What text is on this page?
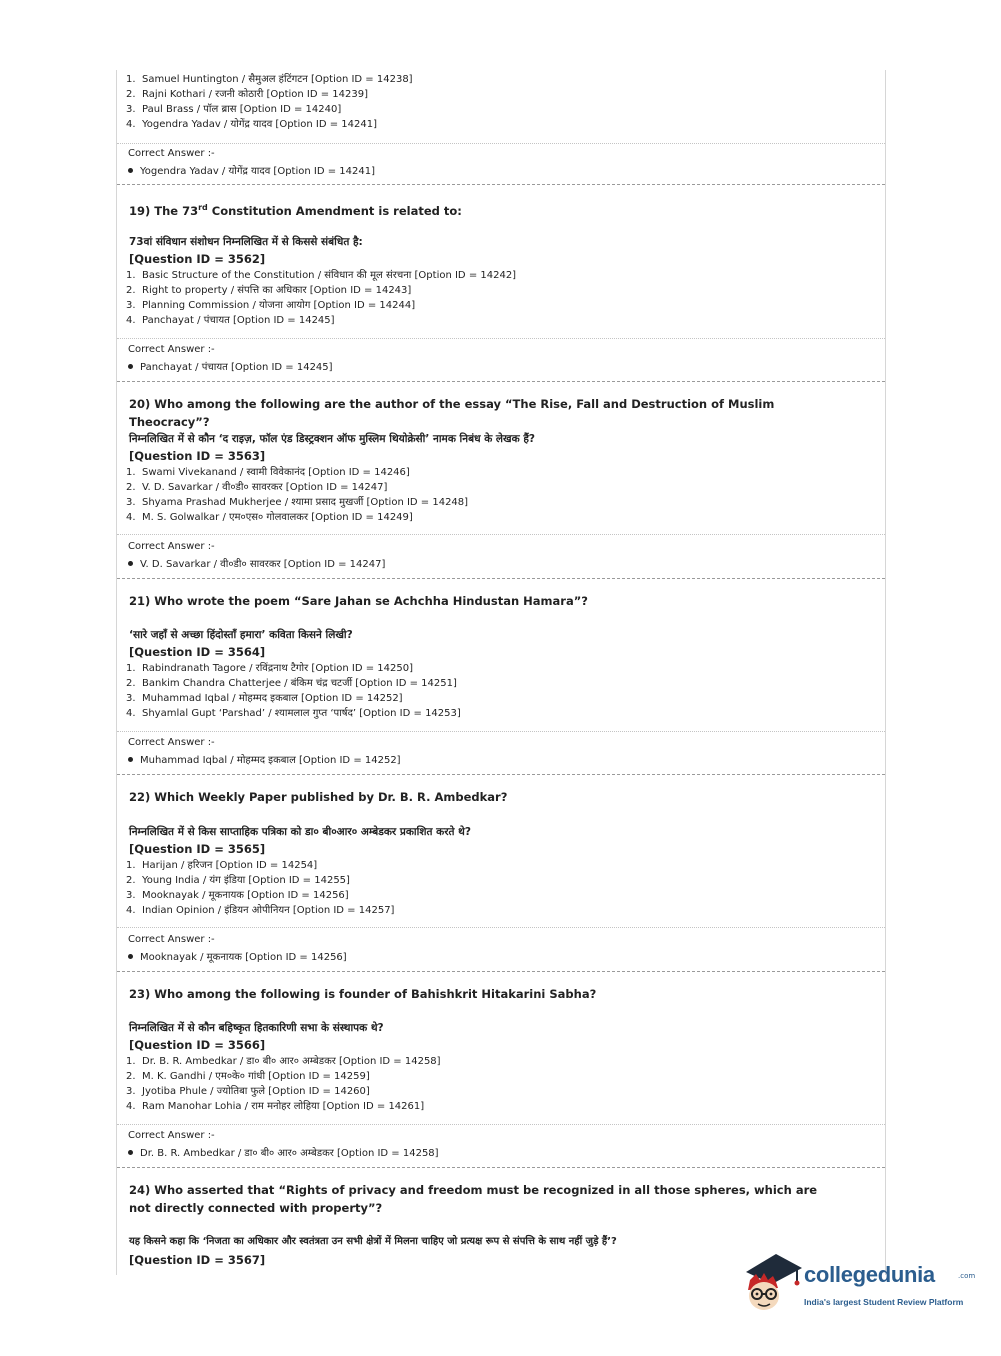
1. Samuel Huntington / सैमुअल हंटिंगटन [Option ID = 14238]
2. Rajni Kothari / रजनी कोठारी [Option ID = 14239]
3. Paul Brass / पॉल ब्रास [Option ID = 14240]
4. Yogendra Yadav / योगेंद्र यादव [Option ID = 14241]
Correct Answer :-
Yogendra Yadav / योगेंद्र यादव [Option ID = 14241]
19) The 73rd Constitution Amendment is related to:
73वां संविधान संशोधन निम्नलिखित में से किससे संबंधित है:
[Question ID = 3562]
1. Basic Structure of the Constitution / संविधान की मूल संरचना [Option ID = 14242]
2. Right to property / संपत्ति का अधिकार [Option ID = 14243]
3. Planning Commission / योजना आयोग [Option ID = 14244]
4. Panchayat / पंचायत [Option ID = 14245]
Correct Answer :-
Panchayat / पंचायत [Option ID = 14245]
20) Who among the following are the author of the essay “The Rise, Fall and Destruction of Muslim Theocracy”?
निम्नलिखित में से कौन ‘द राइज़, फॉल एंड डिस्ट्रक्शन ऑफ मुस्लिम थियोक्रेसी’ नामक निबंध के लेखक हैं?
[Question ID = 3563]
1. Swami Vivekanand / स्वामी विवेकानंद [Option ID = 14246]
2. V. D. Savarkar / वी०डी० सावरकर [Option ID = 14247]
3. Shyama Prashad Mukherjee / श्यामा प्रसाद मुखर्जी [Option ID = 14248]
4. M. S. Golwalkar / एम०एस० गोलवालकर [Option ID = 14249]
Correct Answer :-
V. D. Savarkar / वी०डी० सावरकर [Option ID = 14247]
21) Who wrote the poem “Sare Jahan se Achchha Hindustan Hamara”?
‘सारे जहाँ से अच्छा हिंदोस्ताँ हमारा’ कविता किसने लिखी?
[Question ID = 3564]
1. Rabindranath Tagore / रविंद्रनाथ टैगोर [Option ID = 14250]
2. Bankim Chandra Chatterjee / बंकिम चंद्र चटर्जी [Option ID = 14251]
3. Muhammad Iqbal / मोहम्मद इकबाल [Option ID = 14252]
4. Shyamlal Gupt ‘Parshad’ / श्यामलाल गुप्त ‘पार्षद’ [Option ID = 14253]
Correct Answer :-
Muhammad Iqbal / मोहम्मद इकबाल [Option ID = 14252]
22) Which Weekly Paper published by Dr. B. R. Ambedkar?
निम्नलिखित में से किस साप्ताहिक पत्रिका को डा० बी०आर० अम्बेडकर प्रकाशित करते थे?
[Question ID = 3565]
1. Harijan / हरिजन [Option ID = 14254]
2. Young India / यंग इंडिया [Option ID = 14255]
3. Mooknayak / मूकनायक [Option ID = 14256]
4. Indian Opinion / इंडियन ओपीनियन [Option ID = 14257]
Correct Answer :-
Mooknayak / मूकनायक [Option ID = 14256]
23) Who among the following is founder of Bahishkrit Hitakarini Sabha?
निम्नलिखित में से कौन बहिष्कृत हितकारिणी सभा के संस्थापक थे?
[Question ID = 3566]
1. Dr. B. R. Ambedkar / डा० बी० आर० अम्बेडकर [Option ID = 14258]
2. M. K. Gandhi / एम०के० गांधी [Option ID = 14259]
3. Jyotiba Phule / ज्योतिबा फुले [Option ID = 14260]
4. Ram Manohar Lohia / राम मनोहर लोहिया [Option ID = 14261]
Correct Answer :-
Dr. B. R. Ambedkar / डा० बी० आर० अम्बेडकर [Option ID = 14258]
24) Who asserted that “Rights of privacy and freedom must be recognized in all those spheres, which are not directly connected with property”?
यह किसने कहा कि ‘निजता का अधिकार और स्वतंत्रता उन सभी क्षेत्रों में मिलना चाहिए जो प्रत्यक्ष रूप से संपत्ति के साथ नहीं जुड़े हैं’?
[Question ID = 3567]
collegedunia	.com
India's largest Student Review Platform
